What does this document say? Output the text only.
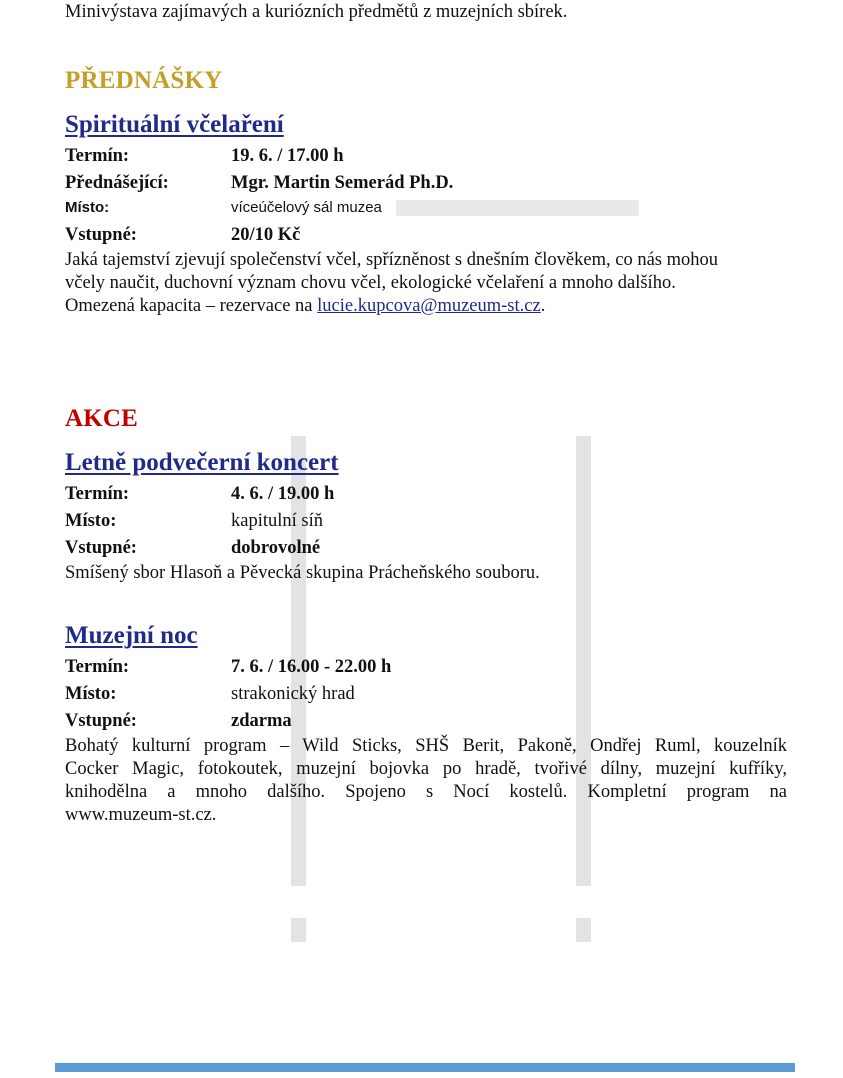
Minivýstava zajímavých a kuriózních předmětů z muzejních sbírek.
PŘEDNÁŠKY
Spirituální včelaření
Termín:	19. 6. / 17.00 h
Přednášející:	Mgr. Martin Semerád Ph.D.
Místo:	víceúčelový sál muzea
Vstupné:	20/10 Kč
Jaká tajemství zjevují společenství včel, spřízněnost s dnešním člověkem, co nás mohou
včely naučit, duchovní význam chovu včel, ekologické včelaření a mnoho dalšího.
Omezená kapacita – rezervace na lucie.kupcova@muzeum-st.cz.
AKCE
Letně podvečerní koncert
Termín:	4. 6. / 19.00 h
Místo:	kapitulní síň
Vstupné:	dobrovolné
Smíšený sbor Hlasoň a Pěvecká skupina Prácheňského souboru.
Muzejní noc
Termín:	7. 6. / 16.00 - 22.00 h
Místo:	strakonický hrad
Vstupné:	zdarma
Bohatý kulturní program – Wild Sticks, SHŠ Berit, Pakoně, Ondřej Ruml, kouzelník
Cocker Magic, fotokoutek, muzejní bojovka po hradě, tvořivé dílny, muzejní kufříky,
knihodělna a mnoho dalšího. Spojeno s Nocí kostelů. Kompletní program na
www.muzeum-st.cz.
